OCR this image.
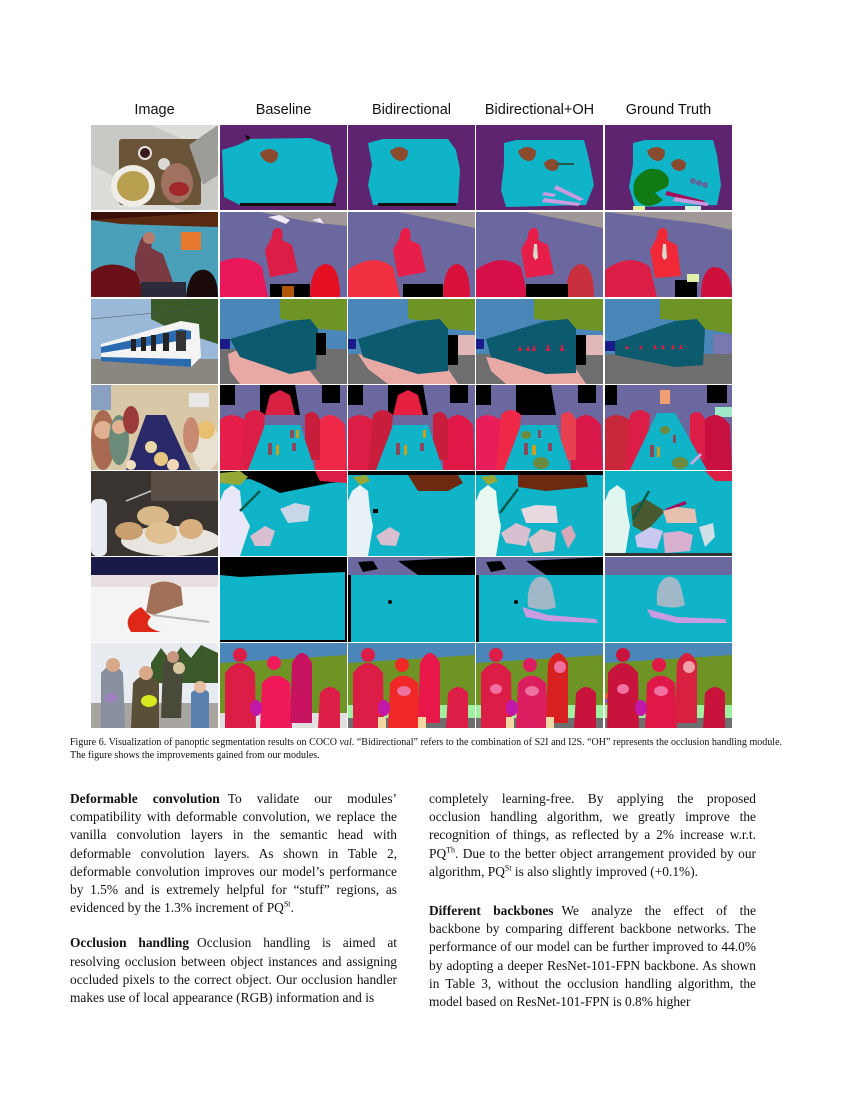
Image	Baseline	Bidirectional	Bidirectional+OH	Ground Truth
Figure 6. Visualization of panoptic segmentation results on COCO val. “Bidirectional” refers to the combination of S2I and I2S. “OH” represents the occlusion handling module. The figure shows the improvements gained from our modules.

Deformable convolution To validate our modules’ compatibility with deformable convolution, we replace the vanilla convolution layers in the semantic head with deformable convolution layers. As shown in Table 2, deformable convolution improves our model’s performance by 1.5% and is extremely helpful for “stuff” regions, as evidenced by the 1.3% increment of $PQ^{St}$.

Occlusion handling Occlusion handling is aimed at resolving occlusion between object instances and assigning occluded pixels to the correct object. Our occlusion handler makes use of local appearance (RGB) information and is

completely learning-free. By applying the proposed occlusion handling algorithm, we greatly improve the recognition of things, as reflected by a 2% increase w.r.t. $PQ^{Th}$. Due to the better object arrangement provided by our algorithm, $PQ^{St}$ is also slightly improved (+0.1%).

Different backbones We analyze the effect of the backbone by comparing different backbone networks. The performance of our model can be further improved to 44.0% by adopting a deeper ResNet-101-FPN backbone. As shown in Table 3, without the occlusion handling algorithm, the model based on ResNet-101-FPN is 0.8% higher
